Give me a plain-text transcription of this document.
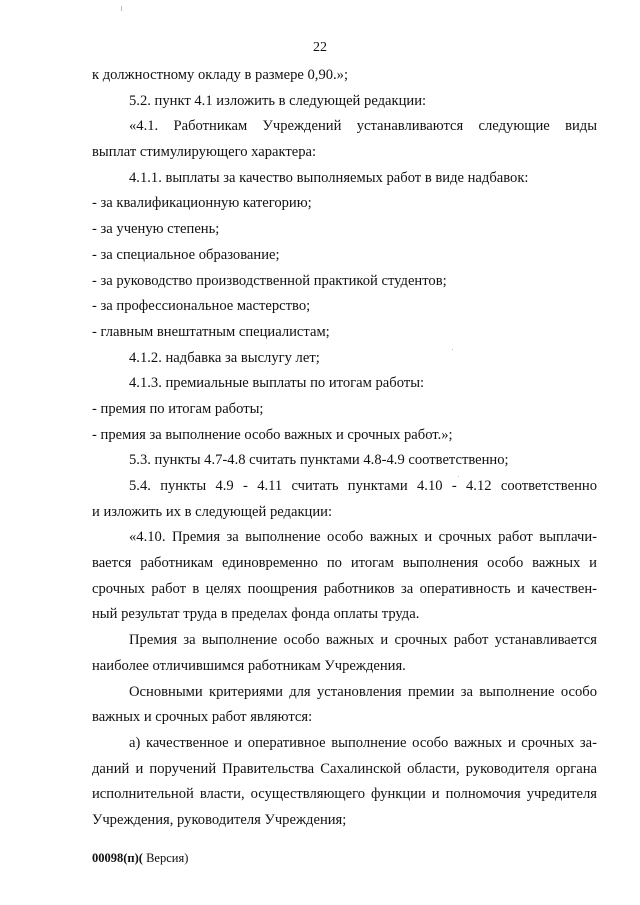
22
к должностному окладу в размере 0,90.»;
5.2. пункт 4.1 изложить в следующей редакции:
«4.1. Работникам Учреждений устанавливаются следующие виды
выплат стимулирующего характера:
4.1.1. выплаты за качество выполняемых работ в виде надбавок:
- за квалификационную категорию;
- за ученую степень;
- за специальное образование;
- за руководство производственной практикой студентов;
- за профессиональное мастерство;
- главным внештатным специалистам;
4.1.2. надбавка за выслугу лет;
4.1.3. премиальные выплаты по итогам работы:
- премия по итогам работы;
- премия за выполнение особо важных и срочных работ.»;
5.3. пункты 4.7-4.8 считать пунктами 4.8-4.9 соответственно;
5.4. пункты 4.9 - 4.11 считать пунктами 4.10 - 4.12 соответственно
и изложить их в следующей редакции:
«4.10. Премия за выполнение особо важных и срочных работ выплачи-
вается работникам единовременно по итогам выполнения особо важных и
срочных работ в целях поощрения работников за оперативность и качествен-
ный результат труда в пределах фонда оплаты труда.
Премия за выполнение особо важных и срочных работ устанавливается
наиболее отличившимся работникам Учреждения.
Основными критериями для установления премии за выполнение особо
важных и срочных работ являются:
а) качественное и оперативное выполнение особо важных и срочных за-
даний и поручений Правительства Сахалинской области, руководителя органа
исполнительной власти, осуществляющего функции и полномочия учредителя
Учреждения, руководителя Учреждения;
00098(п)( Версия)
